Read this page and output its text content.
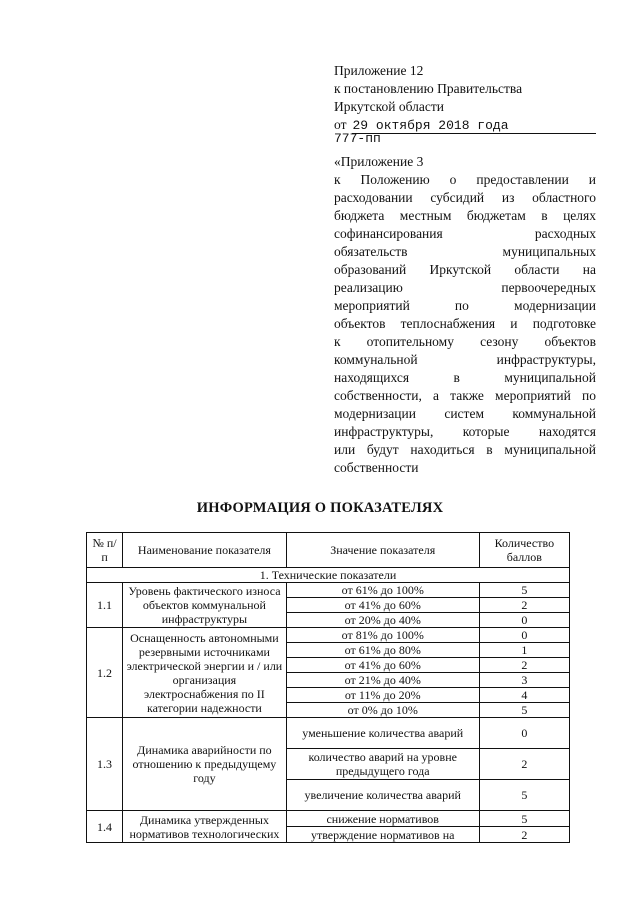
Приложение 12
к постановлению Правительства
Иркутской области
от 29 октября 2018 года
777-пп
«Приложение 3
к Положению о предоставлении и
расходовании субсидий из областного
бюджета местным бюджетам в целях
софинансирования расходных
обязательств муниципальных
образований Иркутской области на
реализацию первоочередных
мероприятий по модернизации
объектов теплоснабжения и подготовке
к отопительному сезону объектов
коммунальной инфраструктуры,
находящихся в муниципальной
собственности, а также мероприятий по
модернизации систем коммунальной
инфраструктуры, которые находятся
или будут находиться в муниципальной
собственности
ИНФОРМАЦИЯ О ПОКАЗАТЕЛЯХ
№ п/п	Наименование показателя	Значение показателя	Количество баллов
1. Технические показатели			
1.1	Уровень фактического износа объектов коммунальной инфраструктуры	от 61% до 100%	5
		от 41% до 60%	2
		от 20% до 40%	0
1.2	Оснащенность автономными резервными источниками электрической энергии и / или организация электроснабжения по II категории надежности	от 81% до 100%	0
		от 61% до 80%	1
		от 41% до 60%	2
		от 21% до 40%	3
		от 11% до 20%	4
		от 0% до 10%	5
1.3	Динамика аварийности по отношению к предыдущему году	уменьшение количества аварий	0
		количество аварий на уровне предыдущего года	2
		увеличение количества аварий	5
1.4	Динамика утвержденных нормативов технологических	снижение нормативов	5
		утверждение нормативов на	2
